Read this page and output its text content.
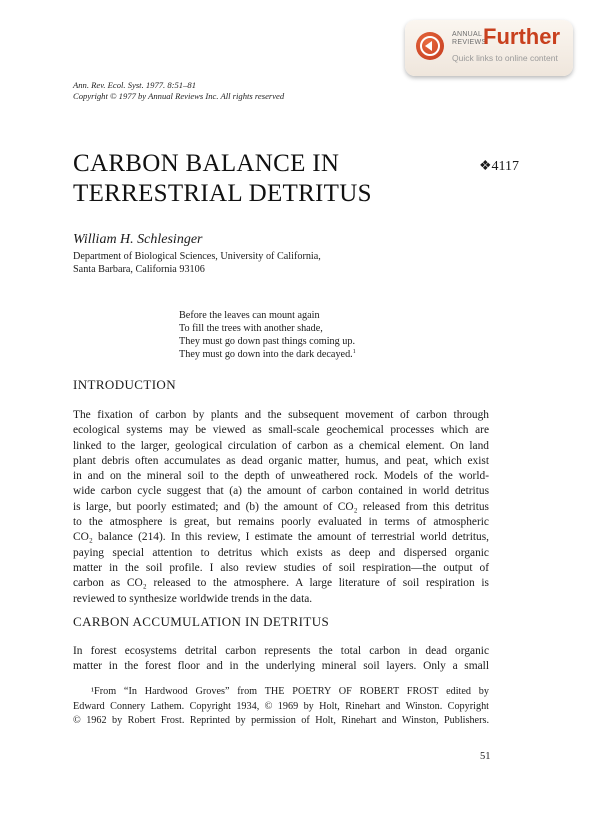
ANNUAL
REVIEWS
Further
Quick links to online content
Ann. Rev. Ecol. Syst. 1977. 8:51–81
Copyright © 1977 by Annual Reviews Inc. All rights reserved
CARBON BALANCE IN
TERRESTRIAL DETRITUS
❖4117
William H. Schlesinger
Department of Biological Sciences, University of California,
Santa Barbara, California 93106
Before the leaves can mount again
To fill the trees with another shade,
They must go down past things coming up.
They must go down into the dark decayed.$^1$
INTRODUCTION
The fixation of carbon by plants and the subsequent movement of carbon through
ecological systems may be viewed as small-scale geochemical processes which are
linked to the larger, geological circulation of carbon as a chemical element. On land
plant debris often accumulates as dead organic matter, humus, and peat, which exist
in and on the mineral soil to the depth of unweathered rock. Models of the world-
wide carbon cycle suggest that (a) the amount of carbon contained in world detritus
is large, but poorly estimated; and (b) the amount of CO₂ released from this detritus
to the atmosphere is great, but remains poorly evaluated in terms of atmospheric
CO₂ balance (214). In this review, I estimate the amount of terrestrial world detritus,
paying special attention to detritus which exists as deep and dispersed organic
matter in the soil profile. I also review studies of soil respiration—the output of
carbon as CO₂ released to the atmosphere. A large literature of soil respiration is
reviewed to synthesize worldwide trends in the data.
CARBON ACCUMULATION IN DETRITUS
In forest ecosystems detrital carbon represents the total carbon in dead organic
matter in the forest floor and in the underlying mineral soil layers. Only a small
¹From “In Hardwood Groves” from THE POETRY OF ROBERT FROST edited by
Edward Connery Lathem. Copyright 1934, © 1969 by Holt, Rinehart and Winston. Copyright
© 1962 by Robert Frost. Reprinted by permission of Holt, Rinehart and Winston, Publishers.
51
